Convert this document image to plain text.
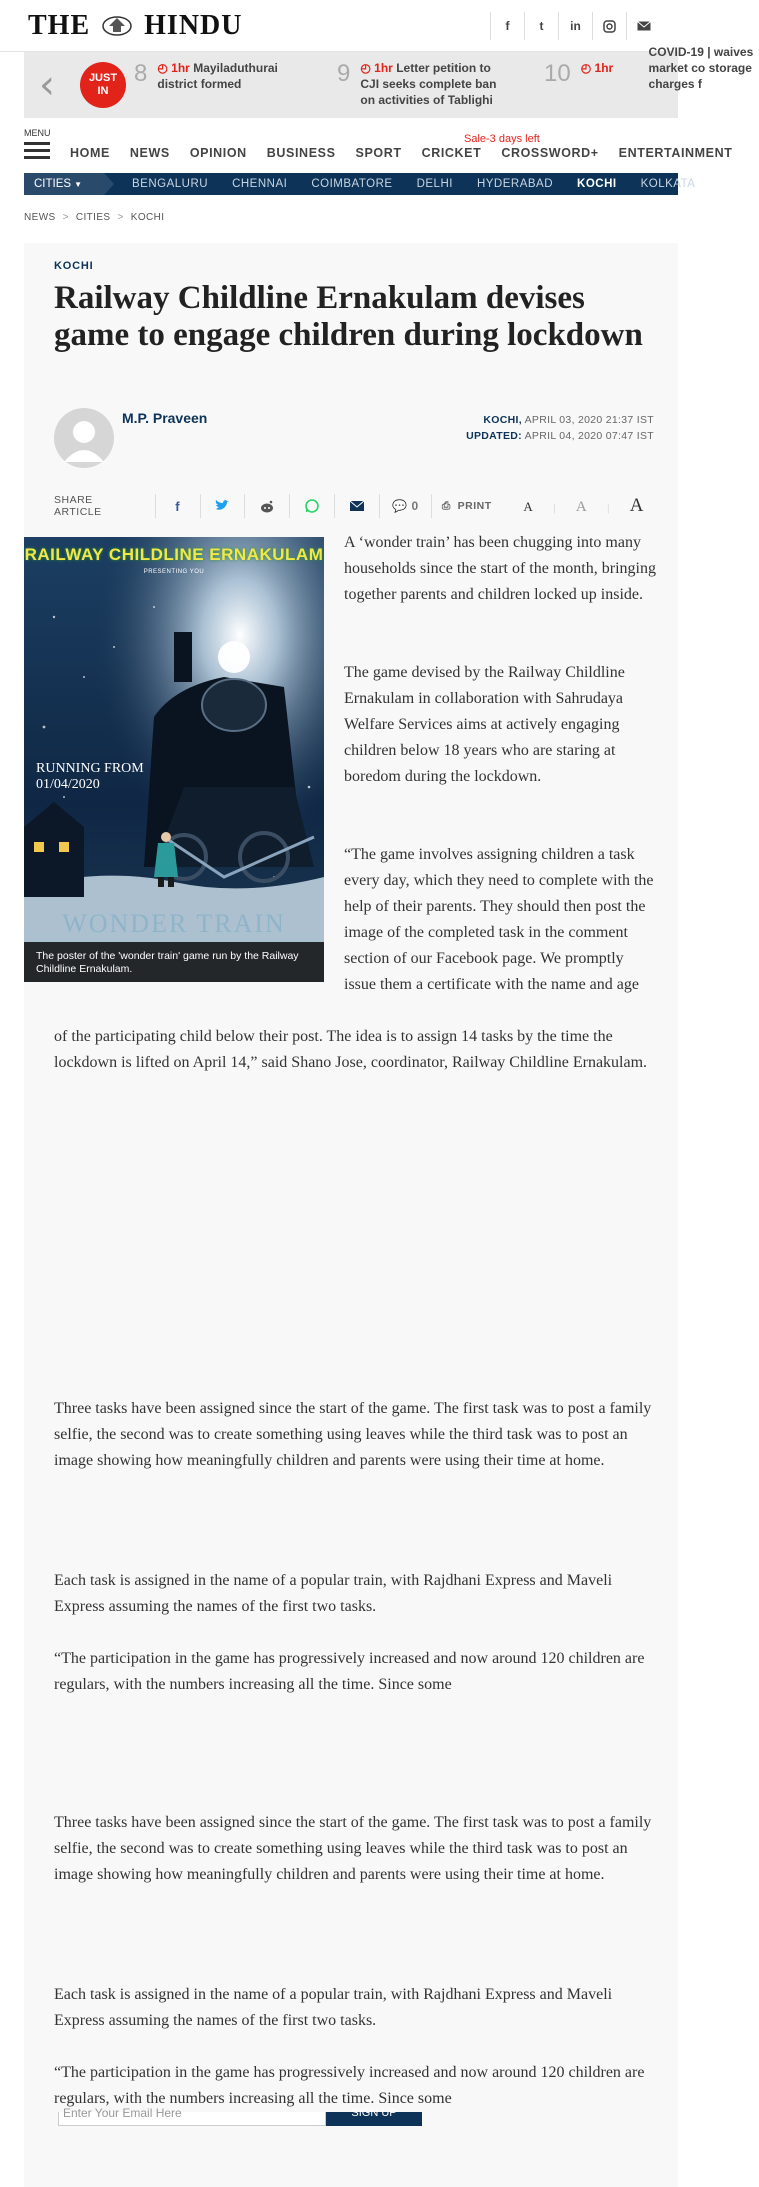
THE HINDU	f	t	in
‹	JUST
IN
8 ◴ 1hr Mayiladuthurai district formed	9 ◴ 1hr Letter petition to CJI seeks complete ban on activities of Tablighi
10 ◴ 1hr COVID-19 | waives market co storage charges f
MENU	Sale-3 days left
HOME NEWS OPINION BUSINESS SPORT CRICKET CROSSWORD+ ENTERTAINMENT
CITIES ▼	BENGALURU CHENNAI COIMBATORE DELHI HYDERABAD KOCHI KOLKATA
NEWS > CITIES > KOCHI
KOCHI
Railway Childline Ernakulam devises game to engage children during lockdown
M.P. Praveen	KOCHI, APRIL 03, 2020 21:37 IST
UPDATED: APRIL 04, 2020 07:47 IST
SHARE ARTICLE	f	💬
0 ⎙
PRINT A | A | A
RAILWAY CHILDLINE ERNAKULAM
PRESENTING YOU
RUNNING FROM
01/04/2020
WONDER TRAIN
The poster of the 'wonder train' game run by the Railway Childline Ernakulam.

A ‘wonder train’ has been chugging into many households since the start of the month, bringing together parents and children locked up inside.

The game devised by the Railway Childline Ernakulam in collaboration with Sahrudaya Welfare Services aims at actively engaging children below 18 years who are staring at boredom during the lockdown.

“The game involves assigning children a task every day, which they need to complete with the help of their parents. They should then post the image of the completed task in the comment section of our Facebook page. We promptly issue them a certificate with the name and age

of the participating child below their post. The idea is to assign 14 tasks by the time the lockdown is lifted on April 14,” said Shano Jose, coordinator, Railway Childline Ernakulam.

Three tasks have been assigned since the start of the game. The first task was to post a family selfie, the second was to create something using leaves while the third task was to post an image showing how meaningfully children and parents were using their time at home.

Each task is assigned in the name of a popular train, with Rajdhani Express and Maveli Express assuming the names of the first two tasks.

“The participation in the game has progressively increased and now around 120 children are regulars, with the numbers increasing all the time. Since some

Three tasks have been assigned since the start of the game. The first task was to post a family selfie, the second was to create something using leaves while the third task was to post an image showing how meaningfully children and parents were using their time at home.

Each task is assigned in the name of a popular train, with Rajdhani Express and Maveli Express assuming the names of the first two tasks.

“The participation in the game has progressively increased and now around 120 children are regulars, with the numbers increasing all the time. Since some

Enter Your Email Here	SIGN UP
